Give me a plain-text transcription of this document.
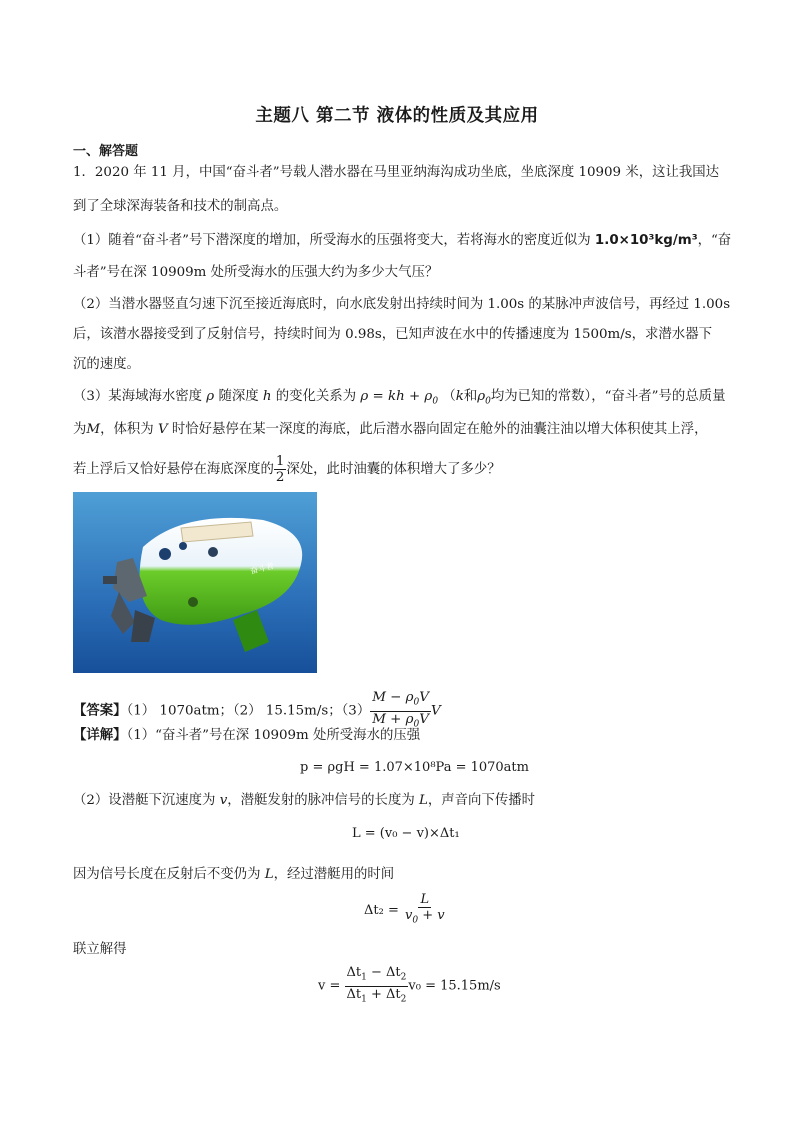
主题八 第二节 液体的性质及其应用
一、解答题
1．2020 年 11 月，中国“奋斗者”号载人潜水器在马里亚纳海沟成功坐底，坐底深度 10909 米，这让我国达
到了全球深海装备和技术的制高点。
（1）随着“奋斗者”号下潜深度的增加，所受海水的压强将变大，若将海水的密度近似为 1.0×10³kg/m³，“奋
斗者”号在深 10909m 处所受海水的压强大约为多少大气压？
（2）当潜水器竖直匀速下沉至接近海底时，向水底发射出持续时间为 1.00s 的某脉冲声波信号，再经过 1.00s
后，该潜水器接受到了反射信号，持续时间为 0.98s，已知声波在水中的传播速度为 1500m/s，求潜水器下
沉的速度。
（3）某海域海水密度 ρ 随深度 h 的变化关系为 ρ = kh + $\rho_0$ （k和$\rho_0$均为已知的常数），“奋斗者”号的总质量
为M，体积为 V 时恰好悬停在某一深度的海底，此后潜水器向固定在舱外的油囊注油以增大体积使其上浮，
若上浮后又恰好悬停在海底深度的 $\frac{1}{2}$ 深处，此时油囊的体积增大了多少？
奋斗者
【答案】（1） 1070atm；（2） 15.15m/s；$(3) \frac{M - \rho_0V}{M + \rho_0V}$ V
【详解】（1）“奋斗者”号在深 10909m 处所受海水的压强
p = ρgH = 1.07×10⁸Pa = 1070atm
（2）设潜艇下沉速度为 v，潜艇发射的脉冲信号的长度为 L，声音向下传播时
L = (v₀ − v)×Δt₁
因为信号长度在反射后不变仍为 L，经过潜艇用的时间
$\Delta t_2 = \frac{L}{v_0 + v}$
联立解得
$v = \frac{\Delta t_1 - \Delta t_2}{\Delta t_1 + \Delta t_2} v_0 = 15.15m/s$
